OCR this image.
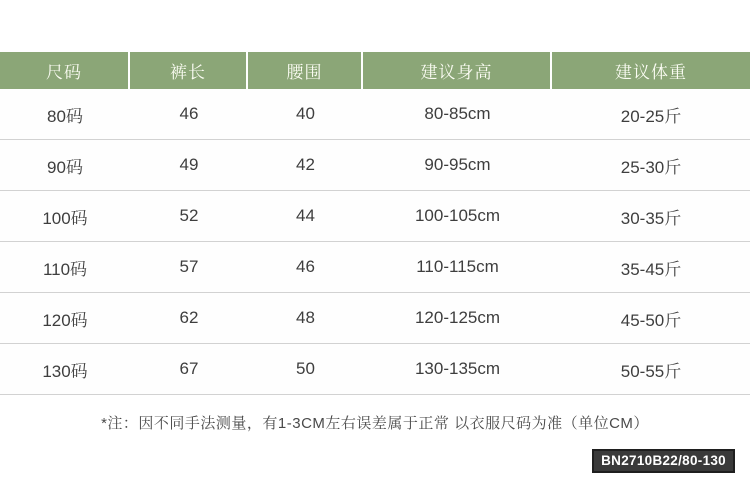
尺码	裤长	腰围	建议身高	建议体重
80码	46	40	80-85cm	20-25斤
90码	49	42	90-95cm	25-30斤
100码	52	44	100-105cm	30-35斤
110码	57	46	110-115cm	35-45斤
120码	62	48	120-125cm	45-50斤
130码	67	50	130-135cm	50-55斤
*注：因不同手法测量，有1-3CM左右误差属于正常 以衣服尺码为准（单位CM）
BN2710B22/80-130
